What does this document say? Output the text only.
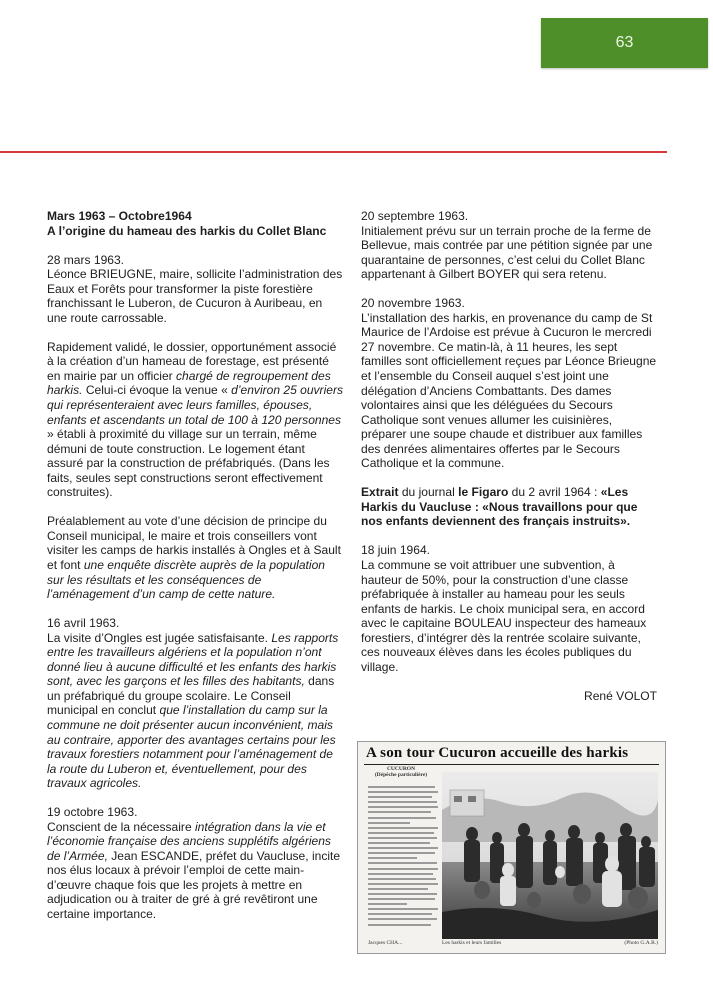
63

Mars 1963 – Octobre1964
A l’origine du hameau des harkis du Collet Blanc

28 mars 1963.
Léonce BRIEUGNE, maire, sollicite l’administration des Eaux et Forêts pour transformer la piste forestière franchissant le Luberon, de Cucuron à Auribeau, en une route carrossable.

Rapidement validé, le dossier, opportunément associé à la création d’un hameau de forestage, est présenté en mairie par un officier chargé de regroupement des harkis. Celui-ci évoque la venue « d’environ 25 ouvriers qui représenteraient avec leurs familles, épouses, enfants et ascendants un total de 100 à 120 personnes » établi à proximité du village sur un terrain, même démuni de toute construction. Le logement étant assuré par la construction de préfabriqués. (Dans les faits, seules sept constructions seront effectivement construites).

Préalablement au vote d’une décision de principe du Conseil municipal, le maire et trois conseillers vont visiter les camps de harkis installés à Ongles et à Sault et font une enquête discrète auprès de la population sur les résultats et les conséquences de l’aménagement d’un camp de cette nature.

16 avril 1963.
La visite d’Ongles est jugée satisfaisante. Les rapports entre les travailleurs algériens et la population n’ont donné lieu à aucune difficulté et les enfants des harkis sont, avec les garçons et les filles des habitants, dans un préfabriqué du groupe scolaire. Le Conseil municipal en conclut que l’installation du camp sur la commune ne doit présenter aucun inconvénient, mais au contraire, apporter des avantages certains pour les travaux forestiers notamment pour l’aménagement de la route du Luberon et, éventuellement, pour des travaux agricoles.

19 octobre 1963.
Conscient de la nécessaire intégration dans la vie et l’économie française des anciens supplétifs algériens de l’Armée, Jean ESCANDE, préfet du Vaucluse, incite nos élus locaux à prévoir l’emploi de cette main-d’œuvre chaque fois que les projets à mettre en adjudication ou à traiter de gré à gré revêtiront une certaine importance.

20 septembre 1963.
Initialement prévu sur un terrain proche de la ferme de Bellevue, mais contrée par une pétition signée par une quarantaine de personnes, c’est celui du Collet Blanc appartenant à Gilbert BOYER qui sera retenu.

20 novembre 1963.
L’installation des harkis, en provenance du camp de St Maurice de l’Ardoise est prévue à Cucuron le mercredi 27 novembre. Ce matin-là, à 11 heures, les sept familles sont officiellement reçues par Léonce Brieugne et l’ensemble du Conseil auquel s’est joint une délégation d’Anciens Combattants. Des dames volontaires ainsi que les déléguées du Secours Catholique sont venues allumer les cuisinières, préparer une soupe chaude et distribuer aux familles des denrées alimentaires offertes par le Secours Catholique et la commune.

Extrait du journal le Figaro du 2 avril 1964 : «Les Harkis du Vaucluse : «Nous travaillons pour que nos enfants deviennent des français instruits».

18 juin 1964.
La commune se voit attribuer une subvention, à hauteur de 50%, pour la construction d’une classe préfabriquée à installer au hameau pour les seuls enfants de harkis. Le choix municipal sera, en accord avec le capitaine BOULEAU inspecteur des hameaux forestiers, d’intégrer dès la rentrée scolaire suivante, ces nouveaux élèves dans les écoles publiques du village.

René VOLOT

A son tour Cucuron accueille des harkis
CUCURON
(Dépêche particulière)
Les harkis et leurs familles	(Photo G.A.R.)
Jacques CHA...
